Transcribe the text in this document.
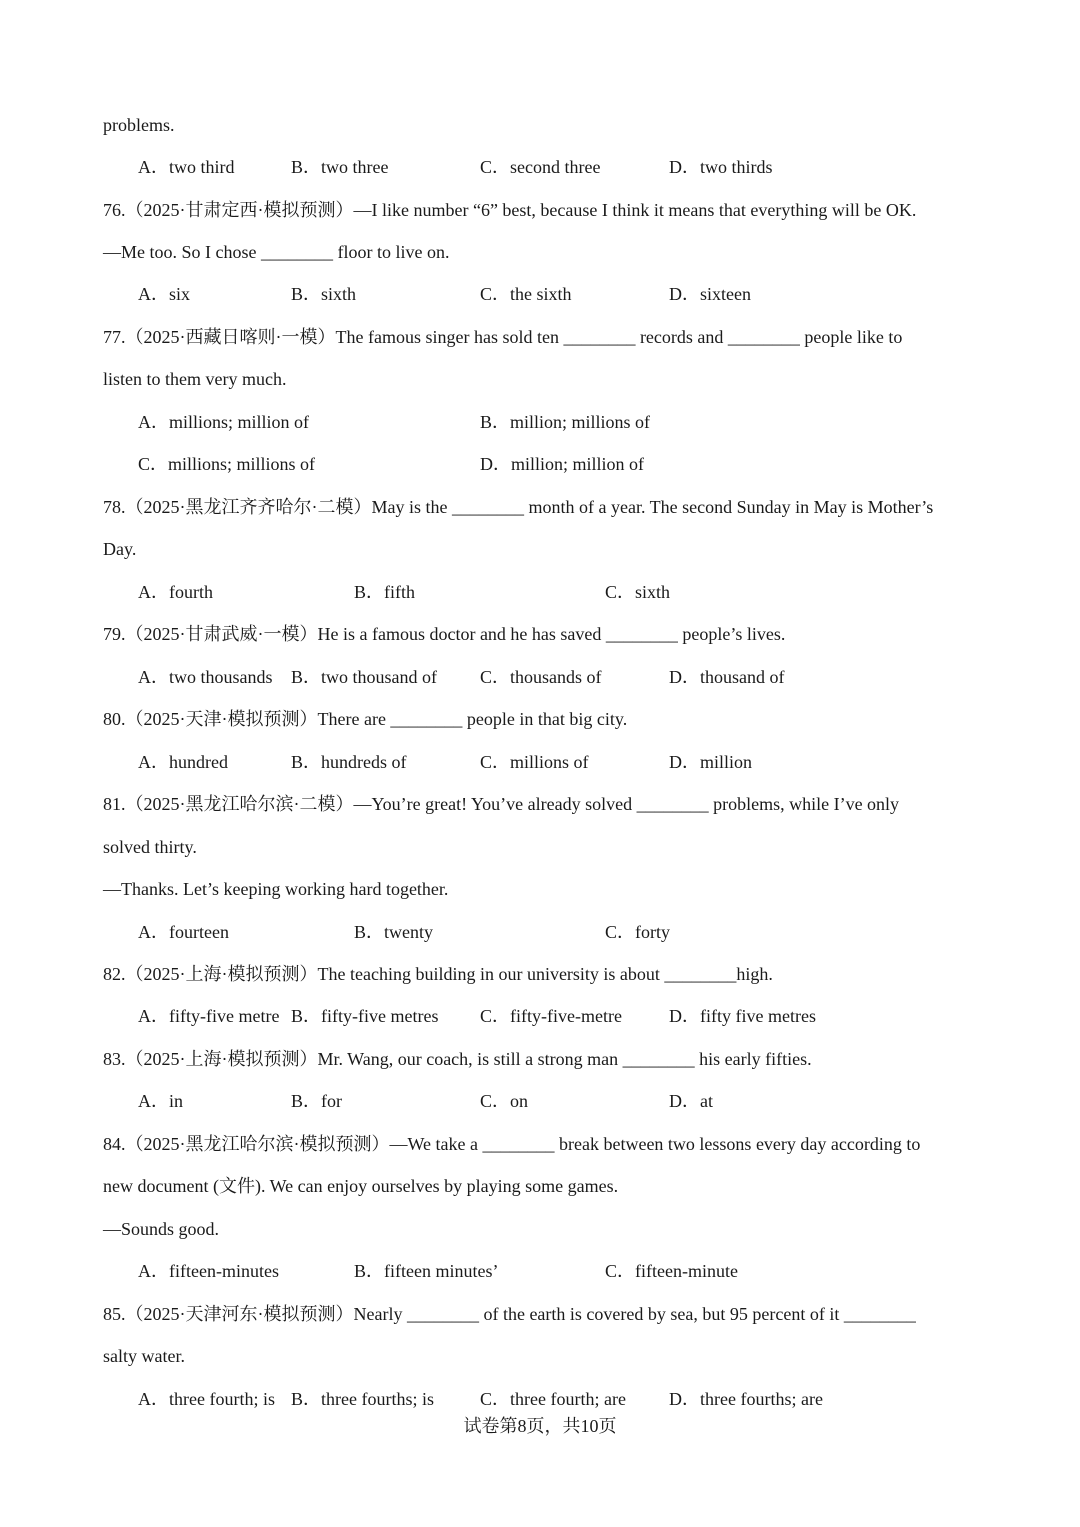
problems.
A．two third	B．two three	C．second three	D．two thirds
76.（2025·甘肃定西·模拟预测）—I like number “6” best, because I think it means that everything will be OK.
—Me too. So I chose ________ floor to live on.
A．six	B．sixth	C．the sixth	D．sixteen
77.（2025·西藏日喀则·一模）The famous singer has sold ten ________ records and ________ people like to
listen to them very much.
A．millions; million of	B．million; millions of
C．millions; millions of	D．million; million of
78.（2025·黑龙江齐齐哈尔·二模）May is the ________ month of a year. The second Sunday in May is Mother’s
Day.
A．fourth	B．fifth	C．sixth
79.（2025·甘肃武威·一模）He is a famous doctor and he has saved ________ people’s lives.
A．two thousands B．two thousand of C．thousands of	D．thousand of
80.（2025·天津·模拟预测）There are ________ people in that big city.
A．hundred	B．hundreds of	C．millions of	D．million
81.（2025·黑龙江哈尔滨·二模）—You’re great! You’ve already solved ________ problems, while I’ve only
solved thirty.
—Thanks. Let’s keeping working hard together.
A．fourteen	B．twenty	C．forty
82.（2025·上海·模拟预测）The teaching building in our university is about ________high.
A．fifty-five metre B．fifty-five metres C．fifty-five-metre	D．fifty five metres
83.（2025·上海·模拟预测）Mr. Wang, our coach, is still a strong man ________ his early fifties.
A．in	B．for	C．on	D．at
84.（2025·黑龙江哈尔滨·模拟预测）—We take a ________ break between two lessons every day according to
new document (文件). We can enjoy ourselves by playing some games.
—Sounds good.
A．fifteen-minutes	B．fifteen minutes’	C．fifteen-minute
85.（2025·天津河东·模拟预测）Nearly ________ of the earth is covered by sea, but 95 percent of it ________
salty water.
A．three fourth; is B．three fourths; is	C．three fourth; are D．three fourths; are
试卷第8页，共10页
